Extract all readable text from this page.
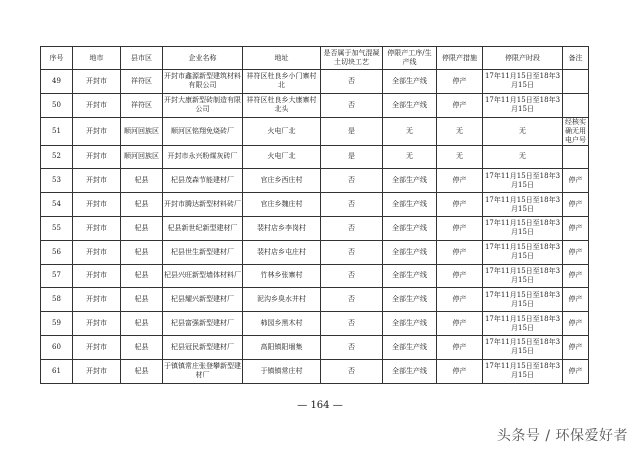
序号	地市	县市区	企业名称	地址	是否属于加气混凝土切块工艺	停限产工序/生产线	停限产措施	停限产时段	备注
49	开封市	祥符区	开封市鑫源新型建筑材料有限公司	祥符区杜良乡小门寨村北	否	全部生产线	停产	17年11月15日至18年3月15日	
50	开封市	祥符区	开封大康新型砖制造有限公司	祥符区杜良乡大康寨村北头	否	全部生产线	停产	17年11月15日至18年3月15日	
51	开封市	顺河回族区	顺河区铭翔免烧砖厂	火电厂北	是	无	无	无	经核实确无用电户号
52	开封市	顺河回族区	开封市永兴粉煤灰砖厂	火电厂北	是	无	无	无	
53	开封市	杞县	杞县茂森节能建材厂	官庄乡西庄村	否	全部生产线	停产	17年11月15日至18年3月15日	停产
54	开封市	杞县	开封市腾达新型材料砖厂	官庄乡魏庄村	否	全部生产线	停产	17年11月15日至18年3月15日	停产
55	开封市	杞县	杞县新世纪新型建材厂	裴村店乡李岗村	否	全部生产线	停产	17年11月15日至18年3月15日	停产
56	开封市	杞县	杞县世生新型建材厂	裴村店乡屯庄村	否	全部生产线	停产	17年11月15日至18年3月15日	停产
57	开封市	杞县	杞县兴旺新型墙体材料厂	竹林乡张寨村	否	全部生产线	停产	17年11月15日至18年3月15日	停产
58	开封市	杞县	杞县耀兴新型建材厂	泥沟乡臭水井村	否	全部生产线	停产	17年11月15日至18年3月15日	停产
59	开封市	杞县	杞县富强新型建材厂	柿园乡黑木村	否	全部生产线	停产	17年11月15日至18年3月15日	停产
60	开封市	杞县	杞县冠民新型建材厂	高阳镇阳堌集	否	全部生产线	停产	17年11月15日至18年3月15日	停产
61	开封市	杞县	于镇镇常庄张登攀新型建材厂	于镇镇常庄村	否	全部生产线	停产	17年11月15日至18年3月15日	停产
— 164 —
头条号 / 环保爱好者
